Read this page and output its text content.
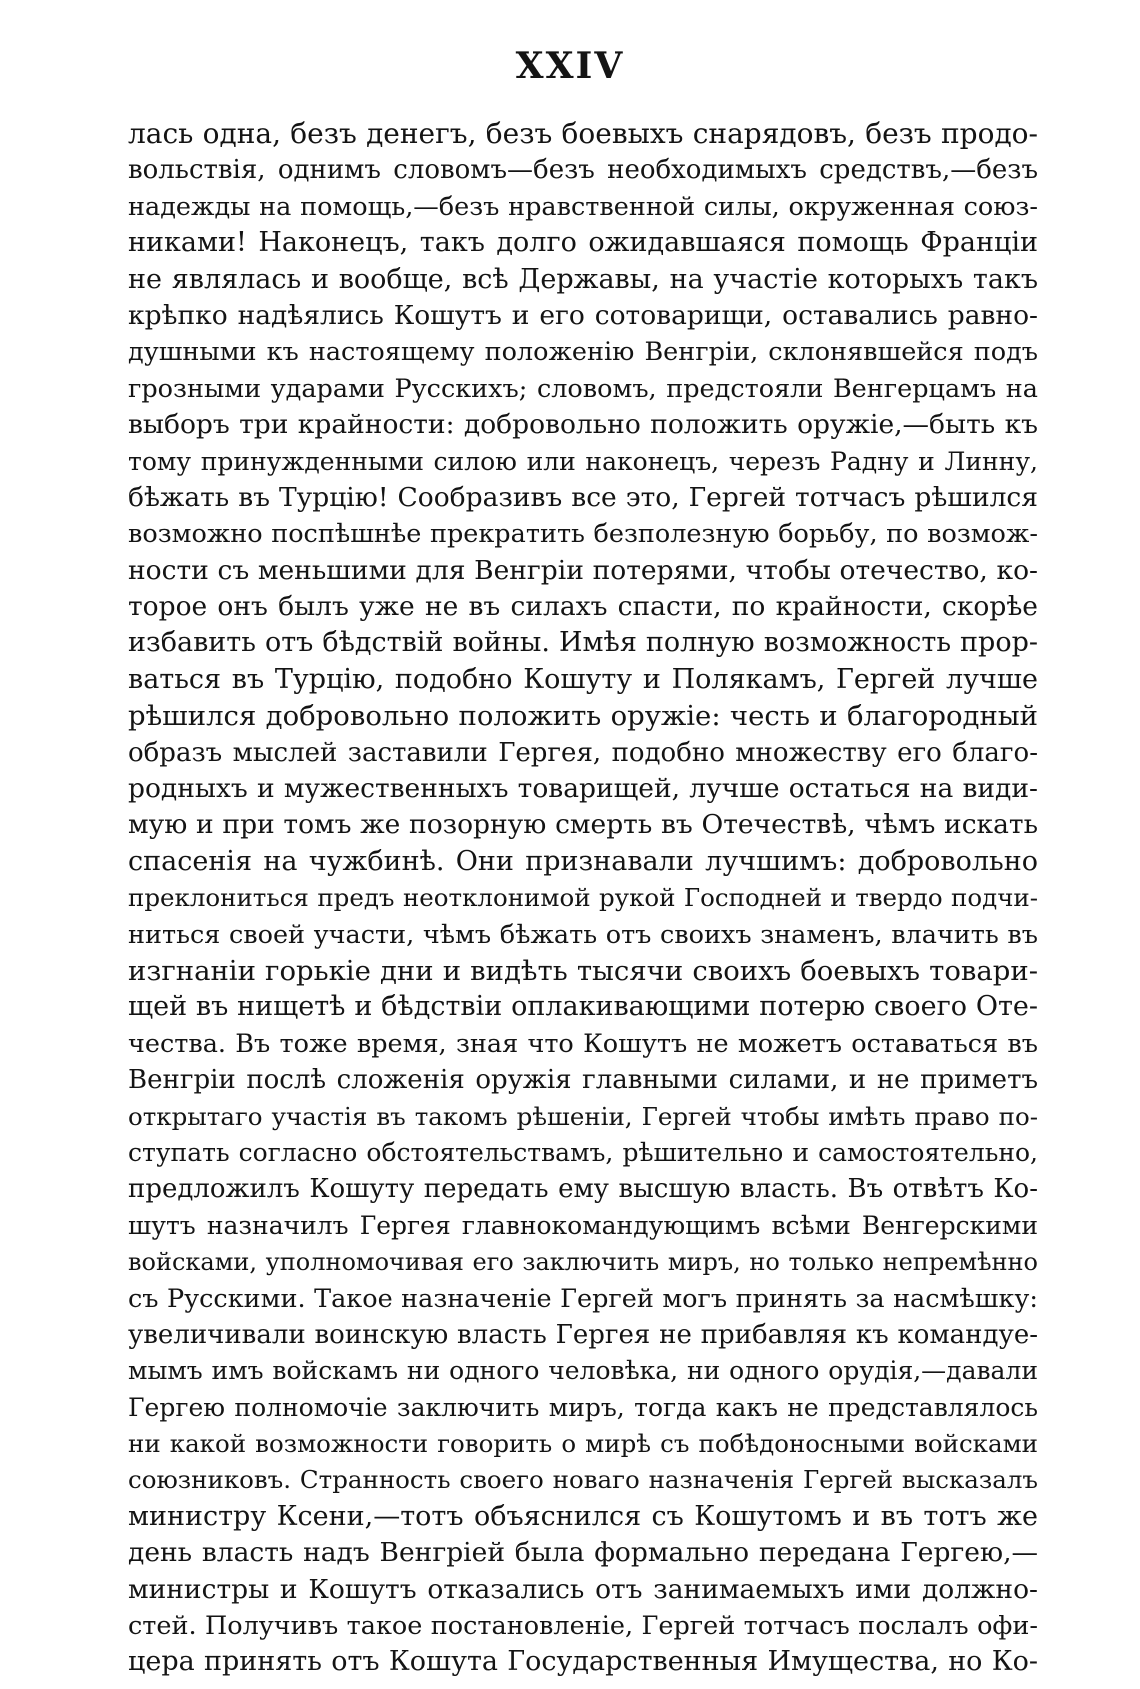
XXIV
лась одна, безъ денегъ, безъ боевыхъ снарядовъ, безъ продо-
вольствія, однимъ словомъ—безъ необходимыхъ средствъ,—безъ
надежды на помощь,—безъ нравственной силы, окруженная союз-
никами! Наконецъ, такъ долго ожидавшаяся помощь Франціи
не являлась и вообще, всѣ Державы, на участіе которыхъ такъ
крѣпко надѣялись Кошутъ и его сотоварищи, оставались равно-
душными къ настоящему положенію Венгріи, склонявшейся подъ
грозными ударами Русскихъ; словомъ, предстояли Венгерцамъ на
выборъ три крайности: добровольно положить оружіе,—быть къ
тому принужденными силою или наконецъ, черезъ Радну и Линну,
бѣжать въ Турцію! Сообразивъ все это, Гергей тотчасъ рѣшился
возможно поспѣшнѣе прекратить безполезную борьбу, по возмож-
ности съ меньшими для Венгріи потерями, чтобы отечество, ко-
торое онъ былъ уже не въ силахъ спасти, по крайности, скорѣе
избавить отъ бѣдствій войны. Имѣя полную возможность прор-
ваться въ Турцію, подобно Кошуту и Полякамъ, Гергей лучше
рѣшился добровольно положить оружіе: честь и благородный
образъ мыслей заставили Гергея, подобно множеству его благо-
родныхъ и мужественныхъ товарищей, лучше остаться на види-
мую и при томъ же позорную смерть въ Отечествѣ, чѣмъ искать
спасенія на чужбинѣ. Они признавали лучшимъ: добровольно
преклониться предъ неотклонимой рукой Господней и твердо подчи-
ниться своей участи, чѣмъ бѣжать отъ своихъ знаменъ, влачить въ
изгнаніи горькіе дни и видѣть тысячи своихъ боевыхъ товари-
щей въ нищетѣ и бѣдствіи оплакивающими потерю своего Оте-
чества. Въ тоже время, зная что Кошутъ не можетъ оставаться въ
Венгріи послѣ сложенія оружія главными силами, и не приметъ
открытаго участія въ такомъ рѣшеніи, Гергей чтобы имѣть право по-
ступать согласно обстоятельствамъ, рѣшительно и самостоятельно,
предложилъ Кошуту передать ему высшую власть. Въ отвѣтъ Ко-
шутъ назначилъ Гергея главнокомандующимъ всѣми Венгерскими
войсками, уполномочивая его заключить миръ, но только непремѣнно
съ Русскими. Такое назначеніе Гергей могъ принять за насмѣшку:
увеличивали воинскую власть Гергея не прибавляя къ командуе-
мымъ имъ войскамъ ни одного человѣка, ни одного орудія,—давали
Гергею полномочіе заключить миръ, тогда какъ не представлялось
ни какой возможности говорить о мирѣ съ побѣдоносными войсками
союзниковъ. Странность своего новаго назначенія Гергей высказалъ
министру Ксени,—тотъ объяснился съ Кошутомъ и въ тотъ же
день власть надъ Венгріей была формально передана Гергею,—
министры и Кошутъ отказались отъ занимаемыхъ ими должно-
стей. Получивъ такое постановленіе, Гергей тотчасъ послалъ офи-
цера принять отъ Кошута Государственныя Имущества, но Ко-
